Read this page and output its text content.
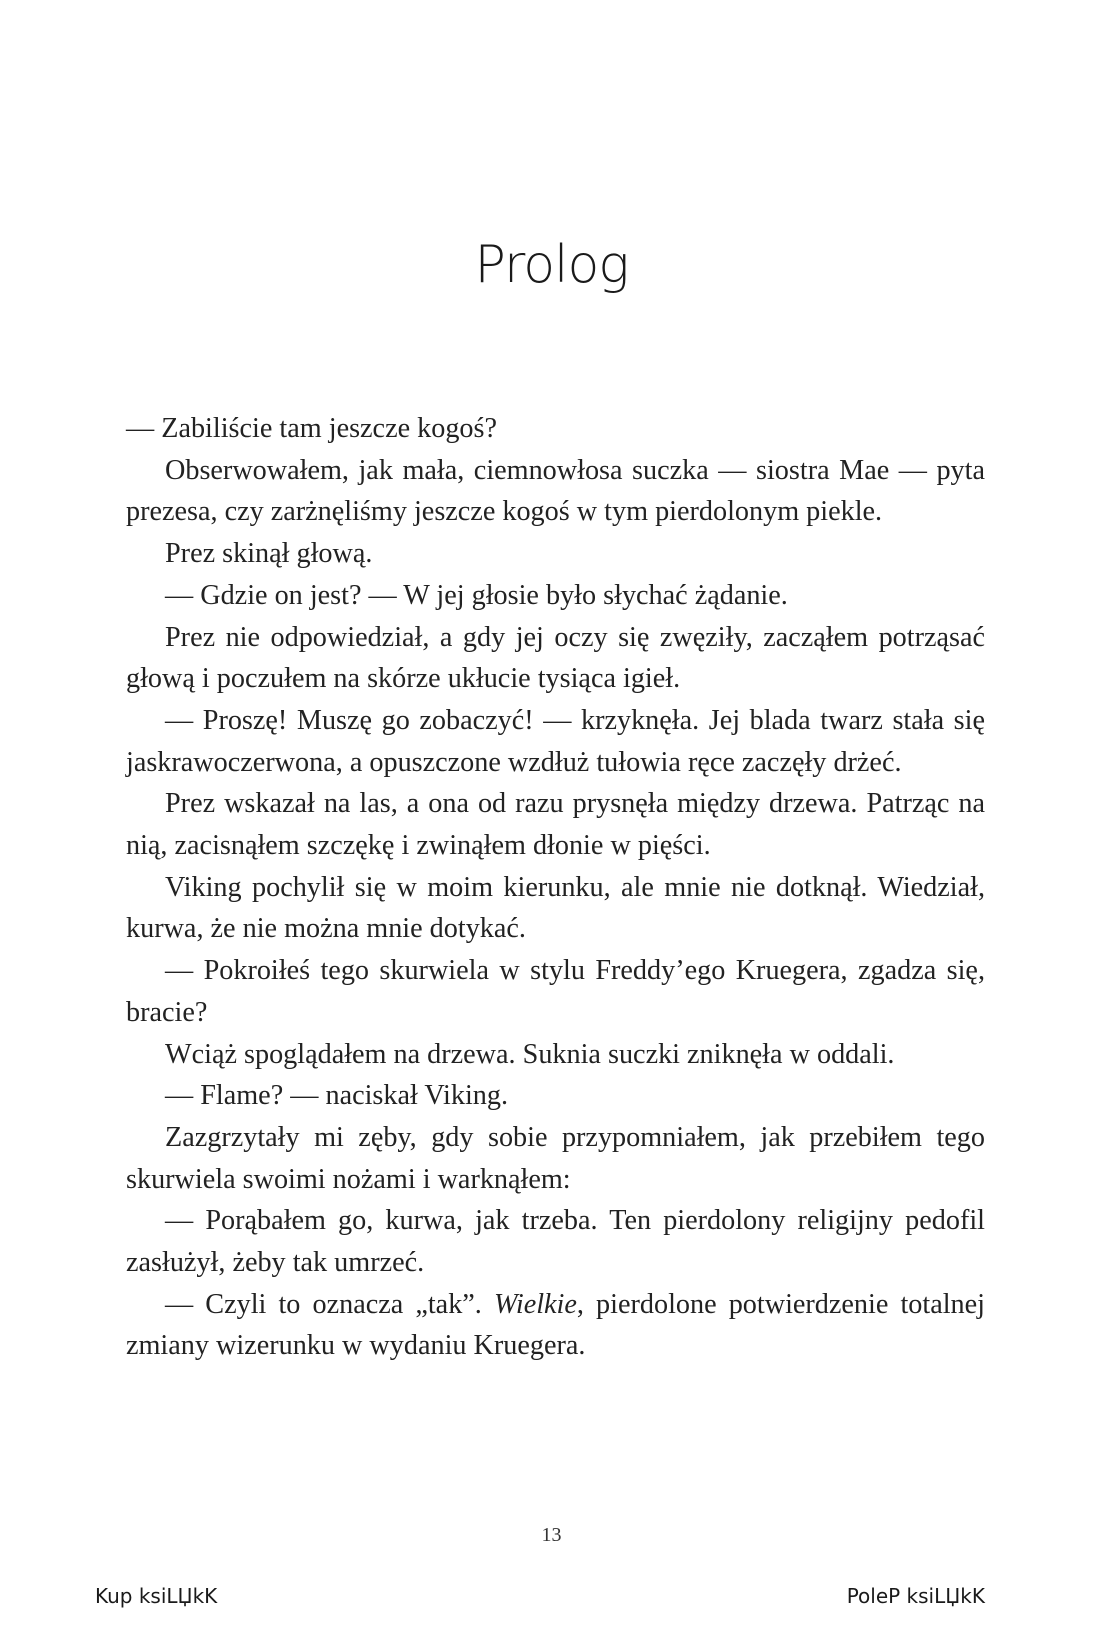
Prolog

— Zabiliście tam jeszcze kogoś?

Obserwowałem, jak mała, ciemnowłosa suczka — siostra Mae — pyta prezesa, czy zarżnęliśmy jeszcze kogoś w tym pierdolonym piekle.

Prez skinął głową.

— Gdzie on jest? — W jej głosie było słychać żądanie.

Prez nie odpowiedział, a gdy jej oczy się zwęziły, zacząłem potrząsać głową i poczułem na skórze ukłucie tysiąca igieł.

— Proszę! Muszę go zobaczyć! — krzyknęła. Jej blada twarz stała się jaskrawoczerwona, a opuszczone wzdłuż tułowia ręce zaczęły drżeć.

Prez wskazał na las, a ona od razu prysnęła między drzewa. Patrząc na nią, zacisnąłem szczękę i zwinąłem dłonie w pięści.

Viking pochylił się w moim kierunku, ale mnie nie dotknął. Wiedział, kurwa, że nie można mnie dotykać.

— Pokroiłeś tego skurwiela w stylu Freddy’ego Kruegera, zgadza się, bracie?

Wciąż spoglądałem na drzewa. Suknia suczki zniknęła w oddali.

— Flame? — naciskał Viking.

Zazgrzytały mi zęby, gdy sobie przypomniałem, jak przebiłem tego skurwiela swoimi nożami i warknąłem:

— Porąbałem go, kurwa, jak trzeba. Ten pierdolony religijny pedofil zasłużył, żeby tak umrzeć.

— Czyli to oznacza „tak”. Wielkie, pierdolone potwierdzenie totalnej zmiany wizerunku w wydaniu Kruegera.

13
Kup ksiLЏkK	PoleP ksiLЏkK
